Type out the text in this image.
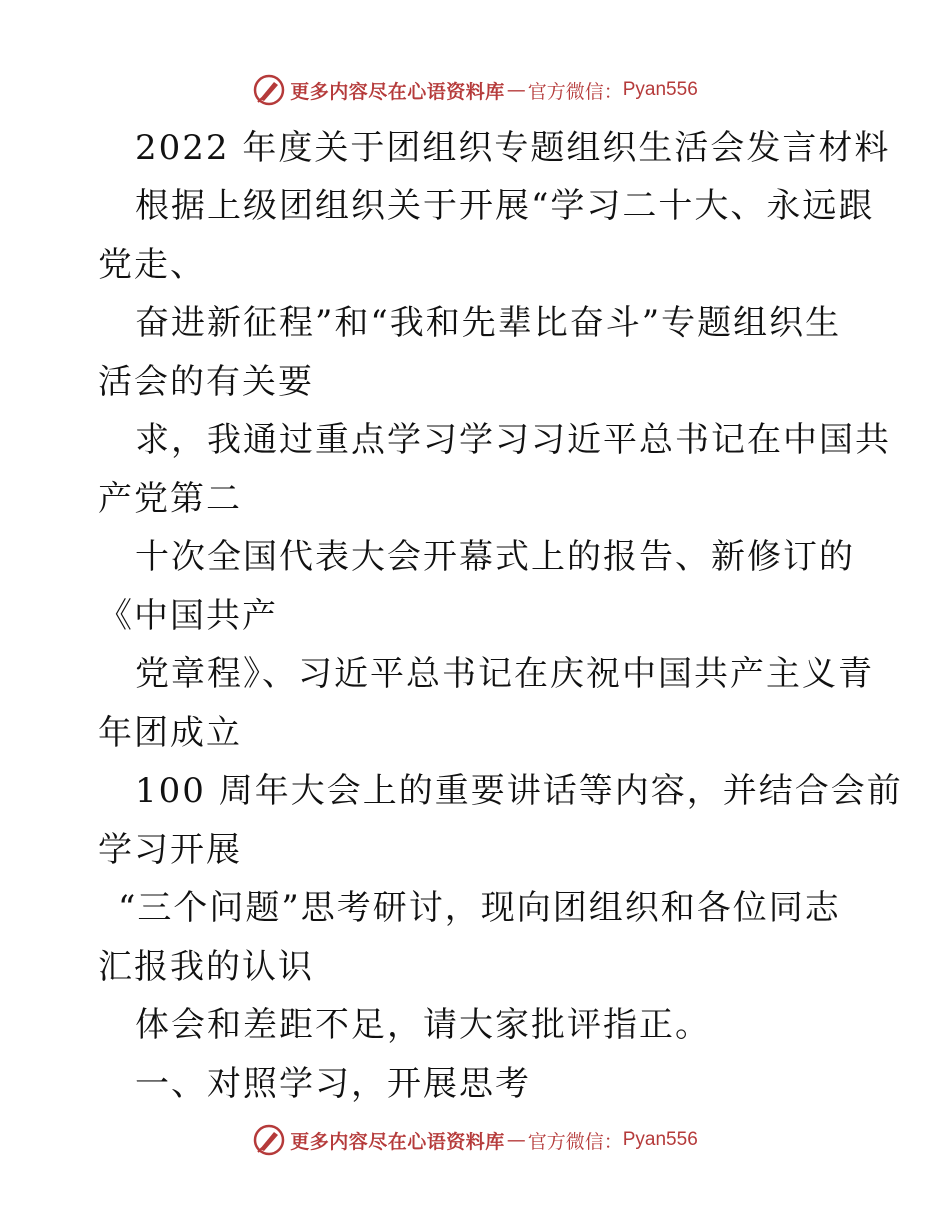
更多内容尽在心语资料库 — 官方微信： Pyan556
2022 年度关于团组织专题组织生活会发言材料
根据上级团组织关于开展“学习二十大、永远跟
党走、
奋进新征程”和“我和先辈比奋斗”专题组织生
活会的有关要
求，我通过重点学习学习习近平总书记在中国共
产党第二
十次全国代表大会开幕式上的报告、新修订的
《中国共产
党章程》、习近平总书记在庆祝中国共产主义青
年团成立
100 周年大会上的重要讲话等内容，并结合会前
学习开展
“三个问题”思考研讨，现向团组织和各位同志
汇报我的认识
体会和差距不足，请大家批评指正。
一、对照学习，开展思考
更多内容尽在心语资料库 — 官方微信： Pyan556
